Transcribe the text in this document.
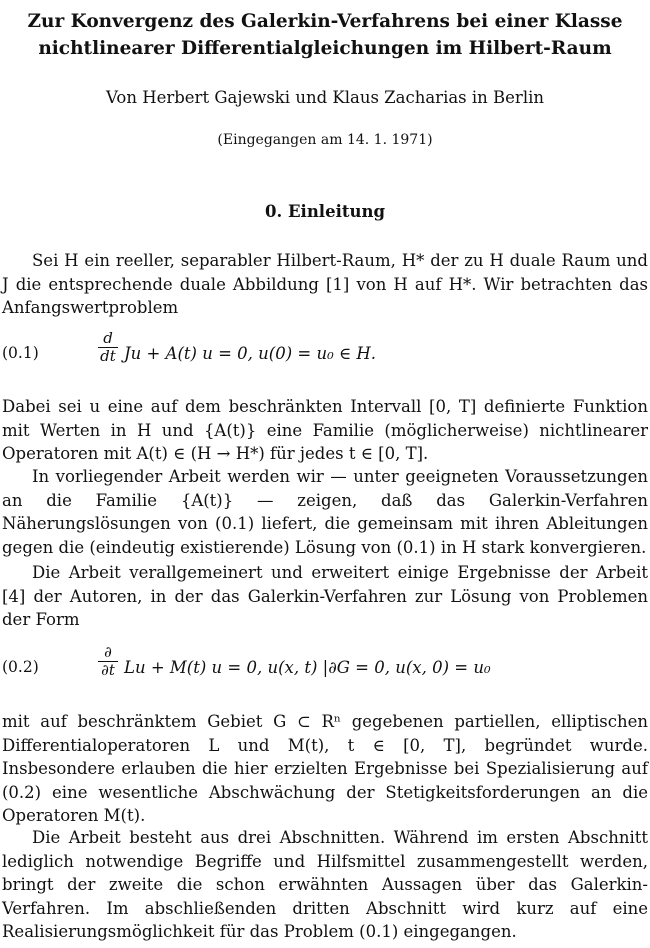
Zur Konvergenz des Galerkin-Verfahrens bei einer Klasse
nichtlinearer Differentialgleichungen im Hilbert-Raum
Von Herbert Gajewski und Klaus Zacharias in Berlin
(Eingegangen am 14. 1. 1971)
0. Einleitung

Sei H ein reeller, separabler Hilbert-Raum, H* der zu H duale Raum und J die entsprechende duale Abbildung [1] von H auf H*. Wir betrachten das Anfangswertproblem

(0.1)	$\frac{d}{dt}$ Ju + A(t) u = 0, u(0) = u₀ ∈ H.

Dabei sei u eine auf dem beschränkten Intervall [0, T] definierte Funktion mit Werten in H und {A(t)} eine Familie (möglicherweise) nichtlinearer Operatoren mit A(t) ∈ (H → H*) für jedes t ∈ [0, T].

In vorliegender Arbeit werden wir — unter geeigneten Voraussetzungen an die Familie {A(t)} — zeigen, daß das Galerkin-Verfahren Näherungslösungen von (0.1) liefert, die gemeinsam mit ihren Ableitungen gegen die (eindeutig existierende) Lösung von (0.1) in H stark konvergieren.

Die Arbeit verallgemeinert und erweitert einige Ergebnisse der Arbeit [4] der Autoren, in der das Galerkin-Verfahren zur Lösung von Problemen der Form

(0.2)
∂
∂t Lu + M(t) u = 0, u(x, t) |∂G = 0, u(x, 0) = u₀

mit auf beschränktem Gebiet G ⊂ Rⁿ gegebenen partiellen, elliptischen Differentialoperatoren L und M(t), t ∈ [0, T], begründet wurde. Insbesondere erlauben die hier erzielten Ergebnisse bei Spezialisierung auf (0.2) eine wesentliche Abschwächung der Stetigkeitsforderungen an die Operatoren M(t).

Die Arbeit besteht aus drei Abschnitten. Während im ersten Abschnitt lediglich notwendige Begriffe und Hilfsmittel zusammengestellt werden, bringt der zweite die schon erwähnten Aussagen über das Galerkin-Verfahren. Im abschließenden dritten Abschnitt wird kurz auf eine Realisierungsmöglichkeit für das Problem (0.1) eingegangen.
